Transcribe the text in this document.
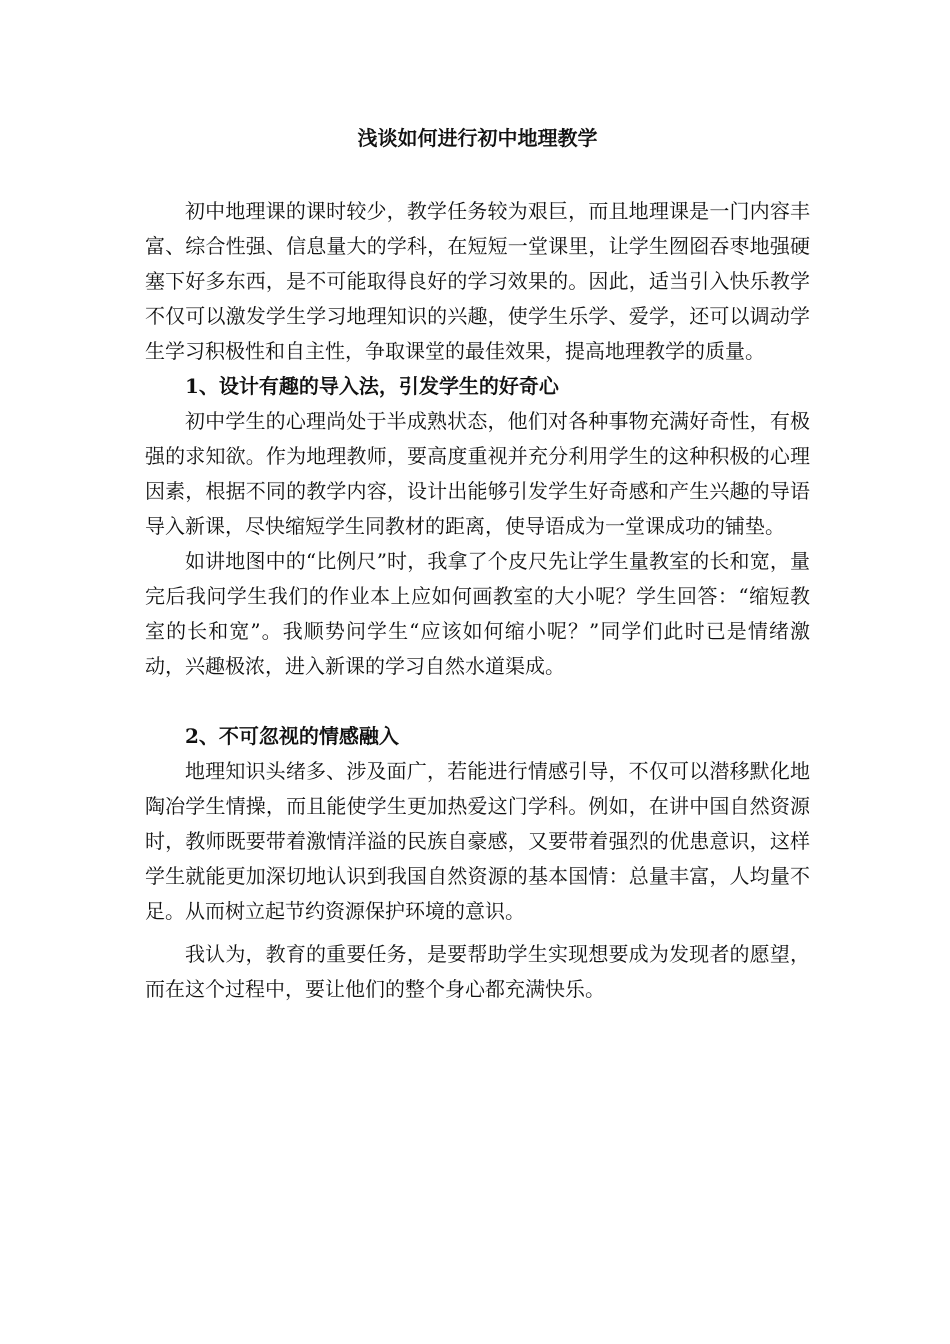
浅谈如何进行初中地理教学

初中地理课的课时较少，教学任务较为艰巨，而且地理课是一门内容丰富、综合性强、信息量大的学科，在短短一堂课里，让学生囫囵吞枣地强硬塞下好多东西，是不可能取得良好的学习效果的。因此，适当引入快乐教学不仅可以激发学生学习地理知识的兴趣，使学生乐学、爱学，还可以调动学生学习积极性和自主性，争取课堂的最佳效果，提高地理教学的质量。

1、设计有趣的导入法，引发学生的好奇心

初中学生的心理尚处于半成熟状态，他们对各种事物充满好奇性，有极强的求知欲。作为地理教师，要高度重视并充分利用学生的这种积极的心理因素，根据不同的教学内容，设计出能够引发学生好奇感和产生兴趣的导语导入新课，尽快缩短学生同教材的距离，使导语成为一堂课成功的铺垫。

如讲地图中的“比例尺”时，我拿了个皮尺先让学生量教室的长和宽，量完后我问学生我们的作业本上应如何画教室的大小呢？学生回答：“缩短教室的长和宽”。我顺势问学生“应该如何缩小呢？”同学们此时已是情绪激动，兴趣极浓，进入新课的学习自然水道渠成。

2、不可忽视的情感融入

地理知识头绪多、涉及面广，若能进行情感引导，不仅可以潜移默化地陶冶学生情操，而且能使学生更加热爱这门学科。例如，在讲中国自然资源时，教师既要带着激情洋溢的民族自豪感，又要带着强烈的优患意识，这样学生就能更加深切地认识到我国自然资源的基本国情：总量丰富，人均量不足。从而树立起节约资源保护环境的意识。

我认为，教育的重要任务，是要帮助学生实现想要成为发现者的愿望，而在这个过程中，要让他们的整个身心都充满快乐。
